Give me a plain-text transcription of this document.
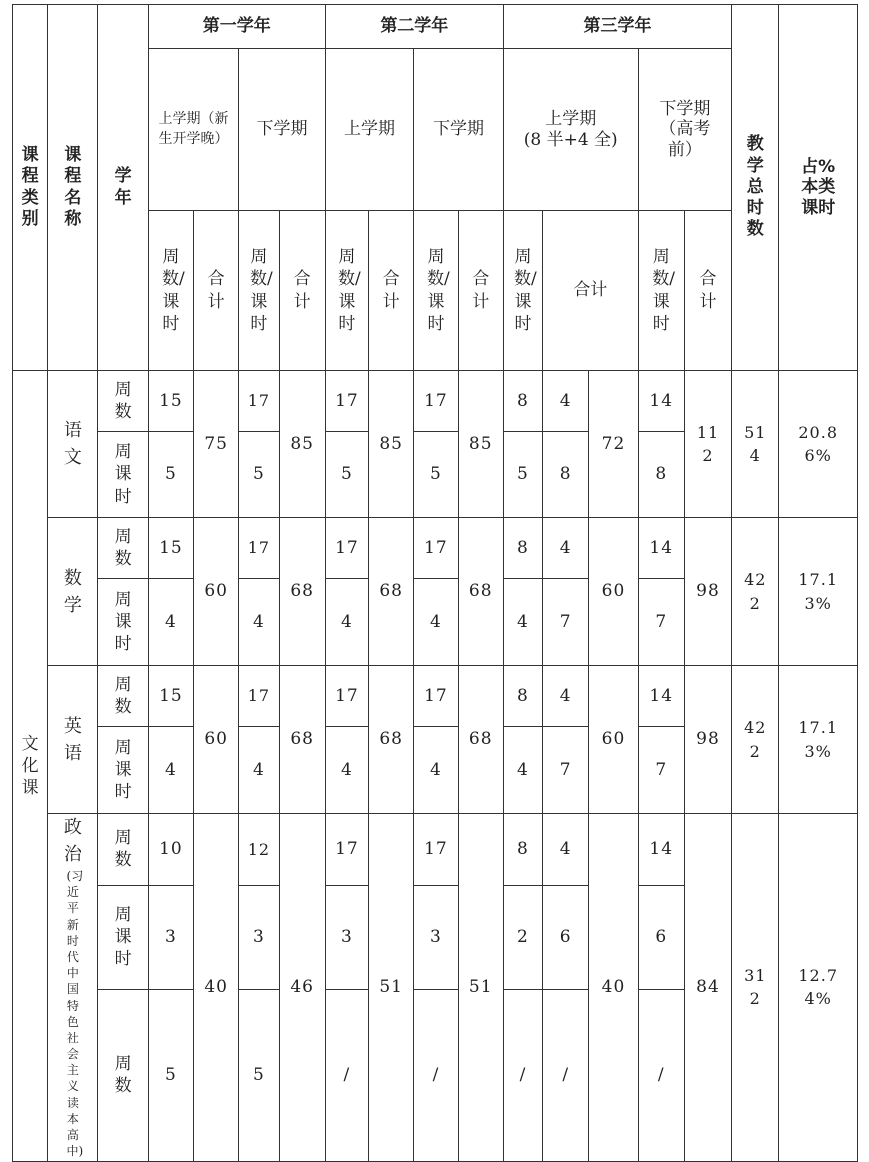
课程类别	课程名称	学年	第一学年				第二学年				第三学年					教学总时数	占%
本类课时
			上学期（新生开学晚）		下学期		上学期		下学期		上学期
(8 半+4 全)			下学期（高考前）			
			周数/课时	合计	周数/课时	合计	周数/课时	合计	周数/课时	合计	周数/课时	合计		周数/课时	合计		
文化课	语文	周数	15	75	17	85	17	85	17	85	8	4	72	14	112	514	20.86%
		周课时	5		5		5		5		5	8		8			
	数学	周数	15	60	17	68	17	68	17	68	8	4	60	14	98	422	17.13%
		周课时	4		4		4		4		4	7		7			
	英语	周数	15	60	17	68	17	68	17	68	8	4	60	14	98	422	17.13%
		周课时	4		4		4		4		4	7		7			
	政治
(习近平新时代中国特色社会主义读本高中)	周数	10	40	12	46	17	51	17	51	8	4	40	14	84	312	12.74%
		周课时	3		3		3		3		2	6		6			
		周数	5		5		/		/		/	/		/			
